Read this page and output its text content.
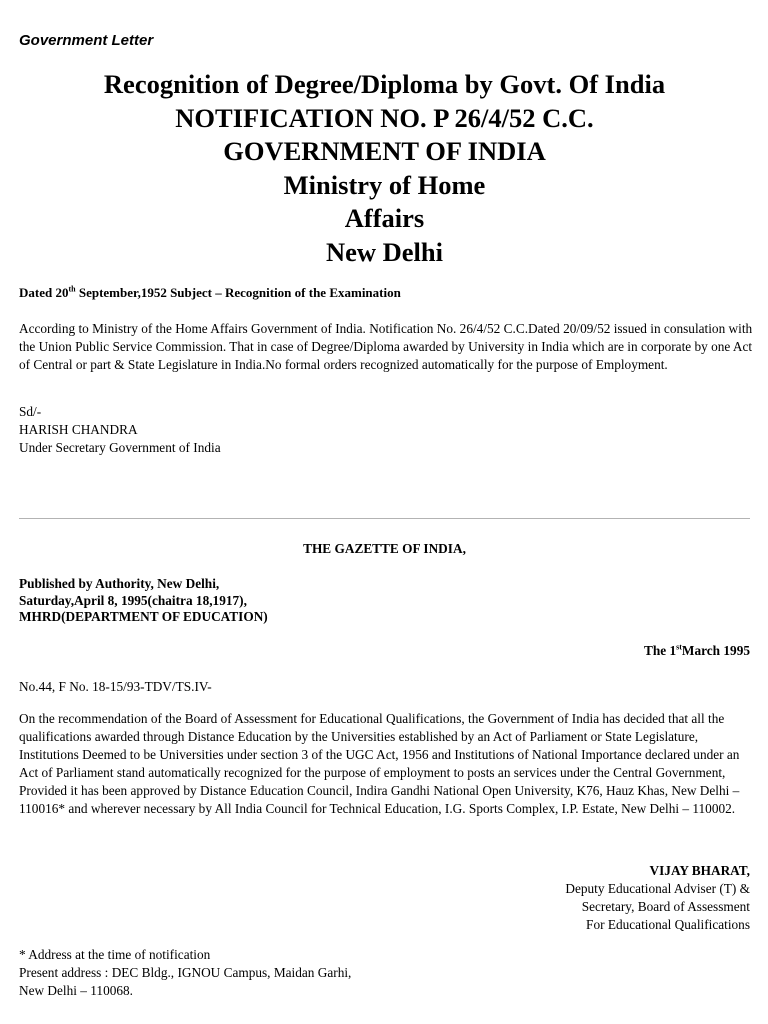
Government Letter
Recognition of Degree/Diploma by Govt. Of India
NOTIFICATION NO. P 26/4/52 C.C.
GOVERNMENT OF INDIA
Ministry of Home
Affairs
New Delhi
Dated 20th September,1952 Subject – Recognition of the Examination
According to Ministry of the Home Affairs Government of India. Notification No. 26/4/52 C.C.Dated 20/09/52 issued in consulation with the Union Public Service Commission. That in case of Degree/Diploma awarded by University in India which are in corporate by one Act of Central or part & State Legislature in India.No formal orders recognized automatically for the purpose of Employment.
Sd/-
HARISH CHANDRA
Under Secretary Government of India
THE GAZETTE OF INDIA,
Published by Authority, New Delhi,
Saturday,April 8, 1995(chaitra 18,1917),
MHRD(DEPARTMENT OF EDUCATION)
The 1stMarch 1995
No.44, F No. 18-15/93-TDV/TS.IV-
On the recommendation of the Board of Assessment for Educational Qualifications, the Government of India has decided that all the qualifications awarded through Distance Education by the Universities established by an Act of Parliament or State Legislature, Institutions Deemed to be Universities under section 3 of the UGC Act, 1956 and Institutions of National Importance declared under an Act of Parliament stand automatically recognized for the purpose of employment to posts an services under the Central Government, Provided it has been approved by Distance Education Council, Indira Gandhi National Open University, K76, Hauz Khas, New Delhi – 110016* and wherever necessary by All India Council for Technical Education, I.G. Sports Complex, I.P. Estate, New Delhi – 110002.
VIJAY BHARAT,
Deputy Educational Adviser (T) &
Secretary, Board of Assessment
For Educational Qualifications
* Address at the time of notification
Present address : DEC Bldg., IGNOU Campus, Maidan Garhi,
New Delhi – 110068.
